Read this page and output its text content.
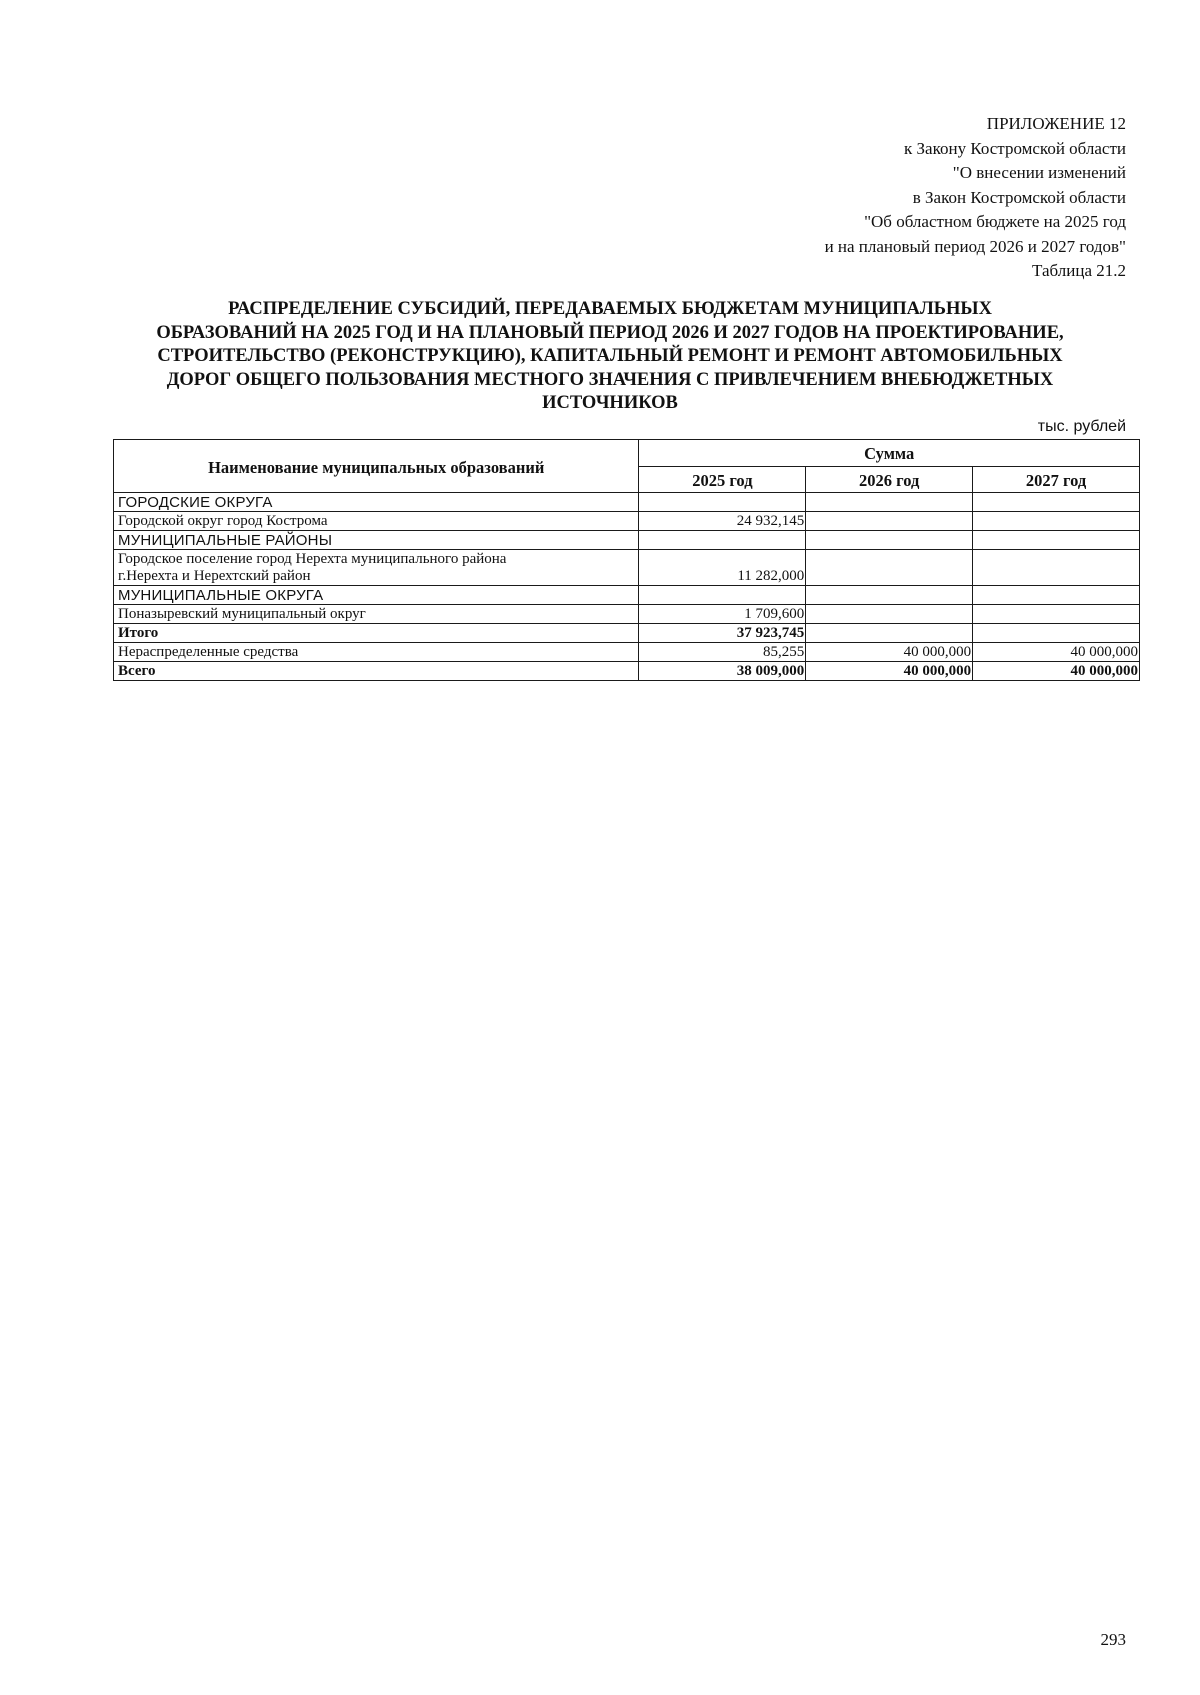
ПРИЛОЖЕНИЕ 12
к Закону Костромской области
"О внесении изменений
в Закон Костромской области
"Об областном бюджете на 2025 год
и на плановый период 2026 и 2027 годов"
Таблица 21.2
РАСПРЕДЕЛЕНИЕ СУБСИДИЙ, ПЕРЕДАВАЕМЫХ БЮДЖЕТАМ МУНИЦИПАЛЬНЫХ
ОБРАЗОВАНИЙ НА 2025 ГОД И НА ПЛАНОВЫЙ ПЕРИОД 2026 И 2027 ГОДОВ НА ПРОЕКТИРОВАНИЕ,
СТРОИТЕЛЬСТВО (РЕКОНСТРУКЦИЮ), КАПИТАЛЬНЫЙ РЕМОНТ И РЕМОНТ АВТОМОБИЛЬНЫХ
ДОРОГ ОБЩЕГО ПОЛЬЗОВАНИЯ МЕСТНОГО ЗНАЧЕНИЯ С ПРИВЛЕЧЕНИЕМ ВНЕБЮДЖЕТНЫХ
ИСТОЧНИКОВ
тыс. рублей
Наименование муниципальных образований	Сумма		
	2025 год	2026 год	2027 год

ГОРОДСКИЕ ОКРУГА			

Городской округ город Кострома	24 932,145		

МУНИЦИПАЛЬНЫЕ РАЙОНЫ			

Городское поселение город Нерехта муниципального района
г.Нерехта и Нерехтский район	11 282,000		

МУНИЦИПАЛЬНЫЕ ОКРУГА			

Поназыревский муниципальный округ	1 709,600		

Итого	37 923,745		

Нераспределенные средства	85,255	40 000,000	40 000,000

Всего	38 009,000	40 000,000	40 000,000
293
